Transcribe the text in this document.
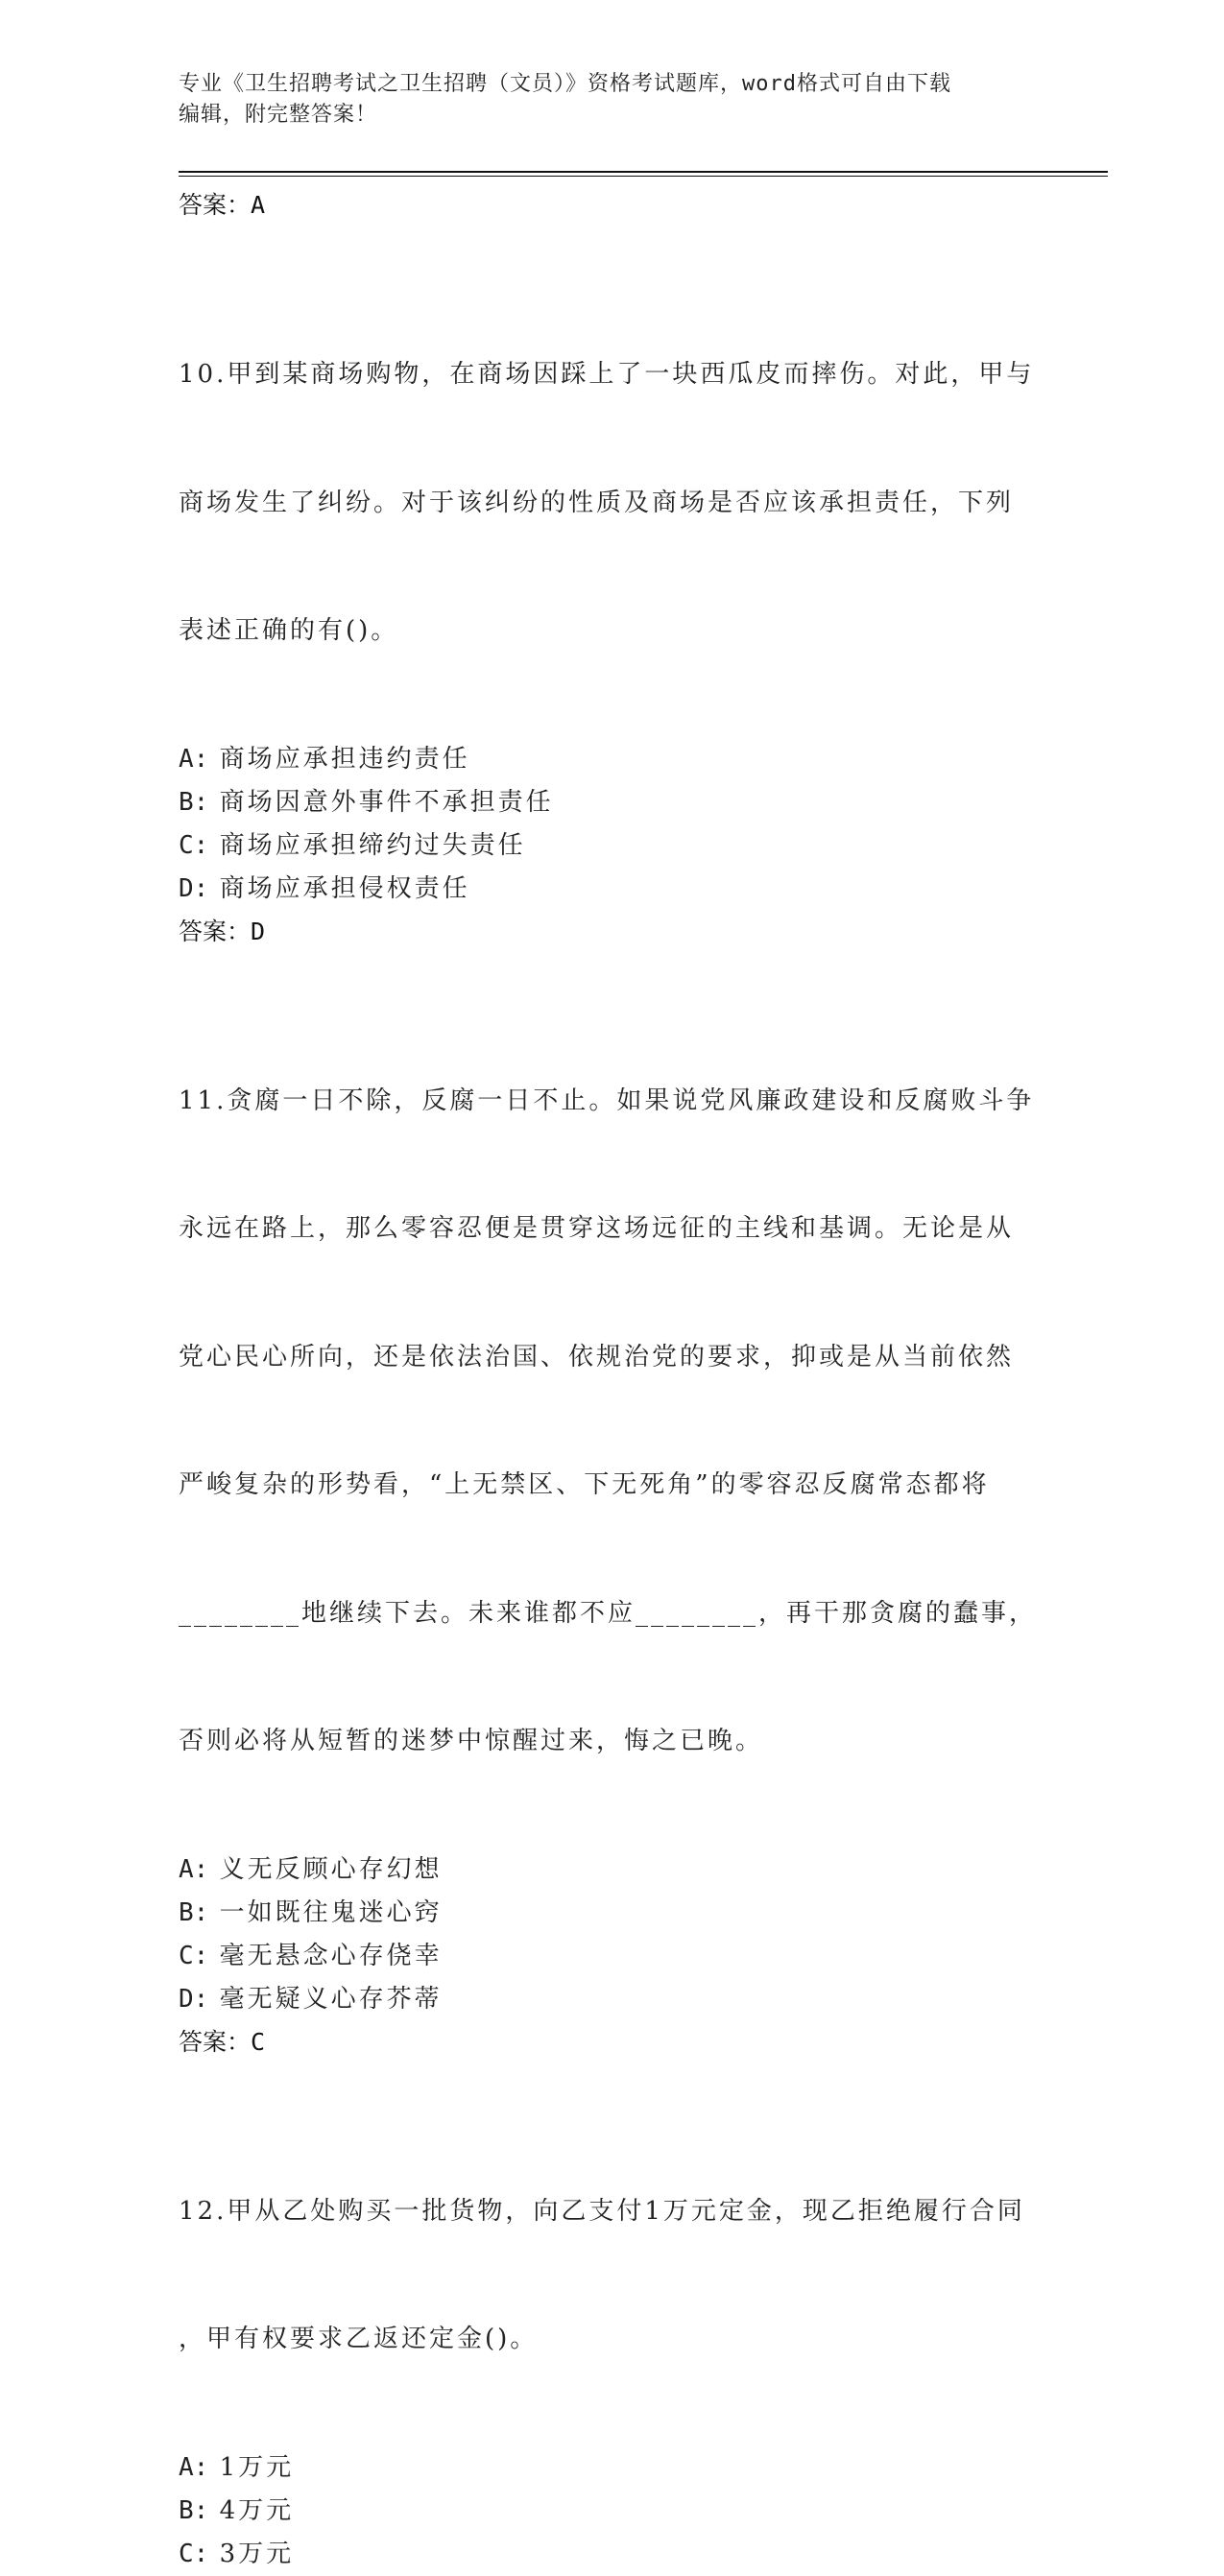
专业《卫生招聘考试之卫生招聘（文员）》资格考试题库，word格式可自由下载
编辑，附完整答案！
答案：A

10.甲到某商场购物，在商场因踩上了一块西瓜皮而摔伤。对此，甲与

商场发生了纠纷。对于该纠纷的性质及商场是否应该承担责任，下列

表述正确的有()。

A: 商场应承担违约责任
B: 商场因意外事件不承担责任
C: 商场应承担缔约过失责任
D: 商场应承担侵权责任
答案：D

11.贪腐一日不除，反腐一日不止。如果说党风廉政建设和反腐败斗争

永远在路上，那么零容忍便是贯穿这场远征的主线和基调。无论是从

党心民心所向，还是依法治国、依规治党的要求，抑或是从当前依然

严峻复杂的形势看，“上无禁区、下无死角”的零容忍反腐常态都将

________地继续下去。未来谁都不应________，再干那贪腐的蠢事，

否则必将从短暂的迷梦中惊醒过来，悔之已晚。

A: 义无反顾心存幻想
B: 一如既往鬼迷心窍
C: 毫无悬念心存侥幸
D: 毫无疑义心存芥蒂
答案：C

12.甲从乙处购买一批货物，向乙支付1万元定金，现乙拒绝履行合同

，甲有权要求乙返还定金()。

A: 1万元
B: 4万元
C: 3万元
